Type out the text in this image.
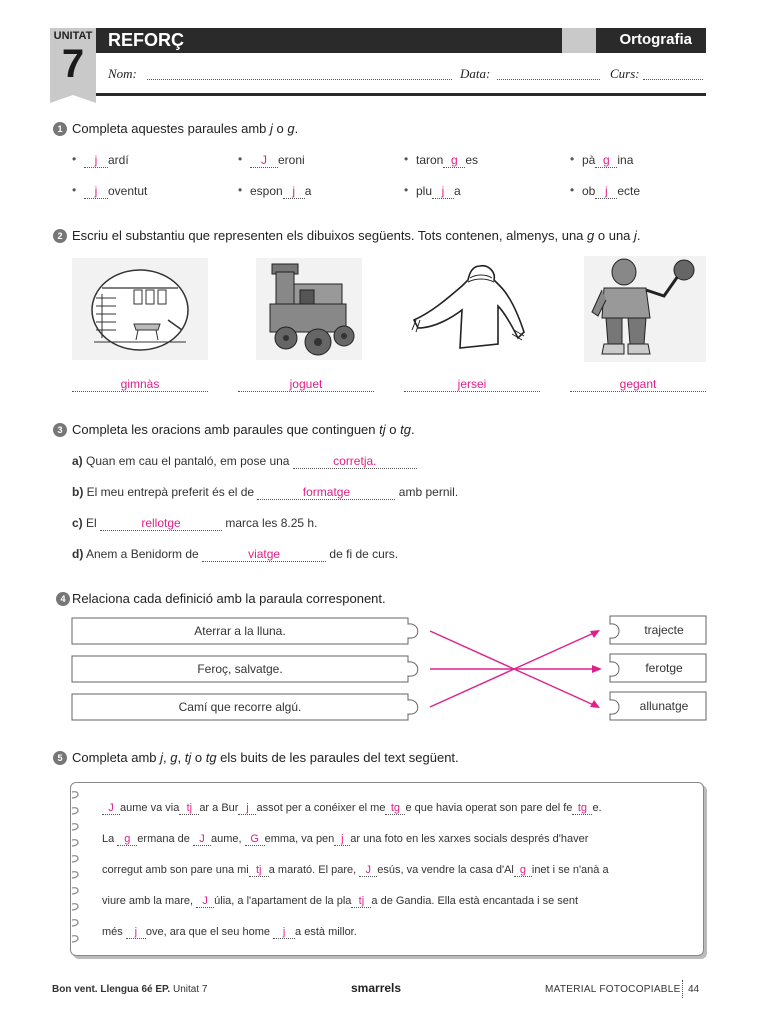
UNITAT
7
REFORÇ	Ortografia
Nom:	Data:	Curs:
1 Completa aquestes paraules amb j o g.
•	j ardí	•	J eroni	• taron g es	• pà g ina
•	j oventut	• espon j a	• plu j a	• ob j ecte
2 Escriu el substantiu que representen els dibuixos següents. Tots contenen, almenys, una g o una j.
gimnàs	joguet	jersei	gegant
3 Completa les oracions amb paraules que continguen tj o tg.
a) Quan em cau el pantaló, em pose una	corretja.
b) El meu entrepà preferit és el de	formatge	amb pernil.
c) El	rellotge	marca les 8.25 h.
d) Anem a Benidorm de	viatge	de fi de curs.
4 Relaciona cada definició amb la paraula corresponent.
Aterrar a la lluna.
Feroç, salvatge.
Camí que recorre algú.
trajecte
ferotge
allunatge
5 Completa amb j, g, tj o tg els buits de les paraules del text següent.
J aume va via tj ar a Bur j assot per a conéixer el me tg e que havia operat son pare del fe tg e.
La g ermana de J aume, G emma, va pen j ar una foto en les xarxes socials després d'haver
corregut amb son pare una mi tj a marató. El pare, J esús, va vendre la casa d'Al g inet i se n'anà a
viure amb la mare, J úlia, a l'apartament de la pla tj a de Gandia. Ella està encantada i se sent
més j ove, ara que el seu home j a està millor.
Bon vent. Llengua 6é EP. Unitat 7	smarrels	MATERIAL FOTOCOPIABLE 44
